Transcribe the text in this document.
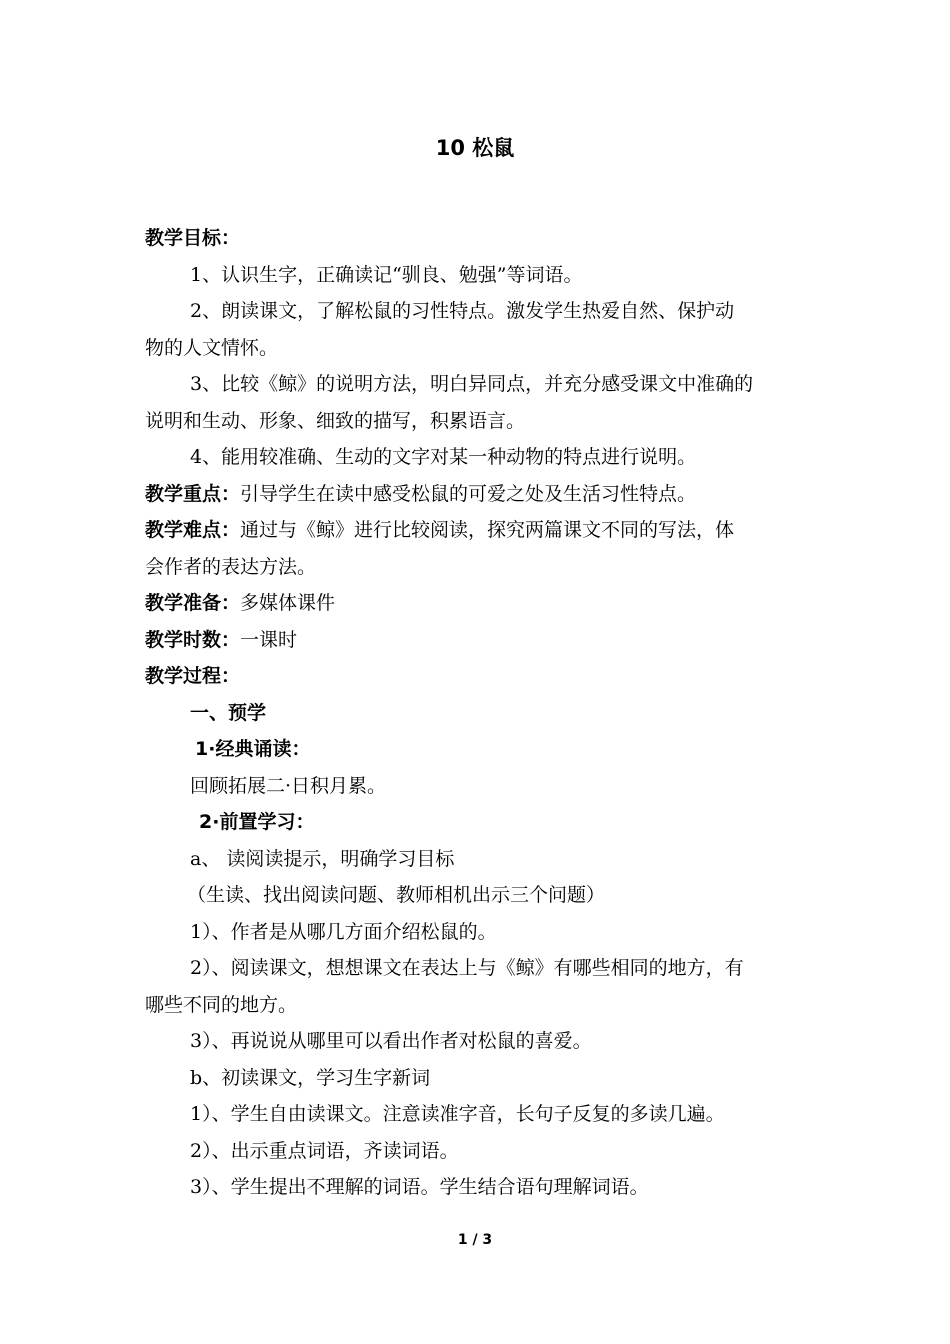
10 松鼠
教学目标：
1、认识生字，正确读记“驯良、勉强”等词语。
2、朗读课文，了解松鼠的习性特点。激发学生热爱自然、保护动
物的人文情怀。
3、比较《鲸》的说明方法，明白异同点，并充分感受课文中准确的
说明和生动、形象、细致的描写，积累语言。
4、能用较准确、生动的文字对某一种动物的特点进行说明。
教学重点：引导学生在读中感受松鼠的可爱之处及生活习性特点。
教学难点：通过与《鲸》进行比较阅读，探究两篇课文不同的写法，体
会作者的表达方法。
教学准备：多媒体课件
教学时数：一课时
教学过程：
一、预学
1·经典诵读：
回顾拓展二·日积月累。
2·前置学习：
a、 读阅读提示，明确学习目标
（生读、找出阅读问题、教师相机出示三个问题）
1）、作者是从哪几方面介绍松鼠的。
2）、阅读课文，想想课文在表达上与《鲸》有哪些相同的地方，有
哪些不同的地方。
3）、再说说从哪里可以看出作者对松鼠的喜爱。
b、初读课文，学习生字新词
1）、学生自由读课文。注意读准字音，长句子反复的多读几遍。
2）、出示重点词语，齐读词语。
3）、学生提出不理解的词语。学生结合语句理解词语。
1 / 3
